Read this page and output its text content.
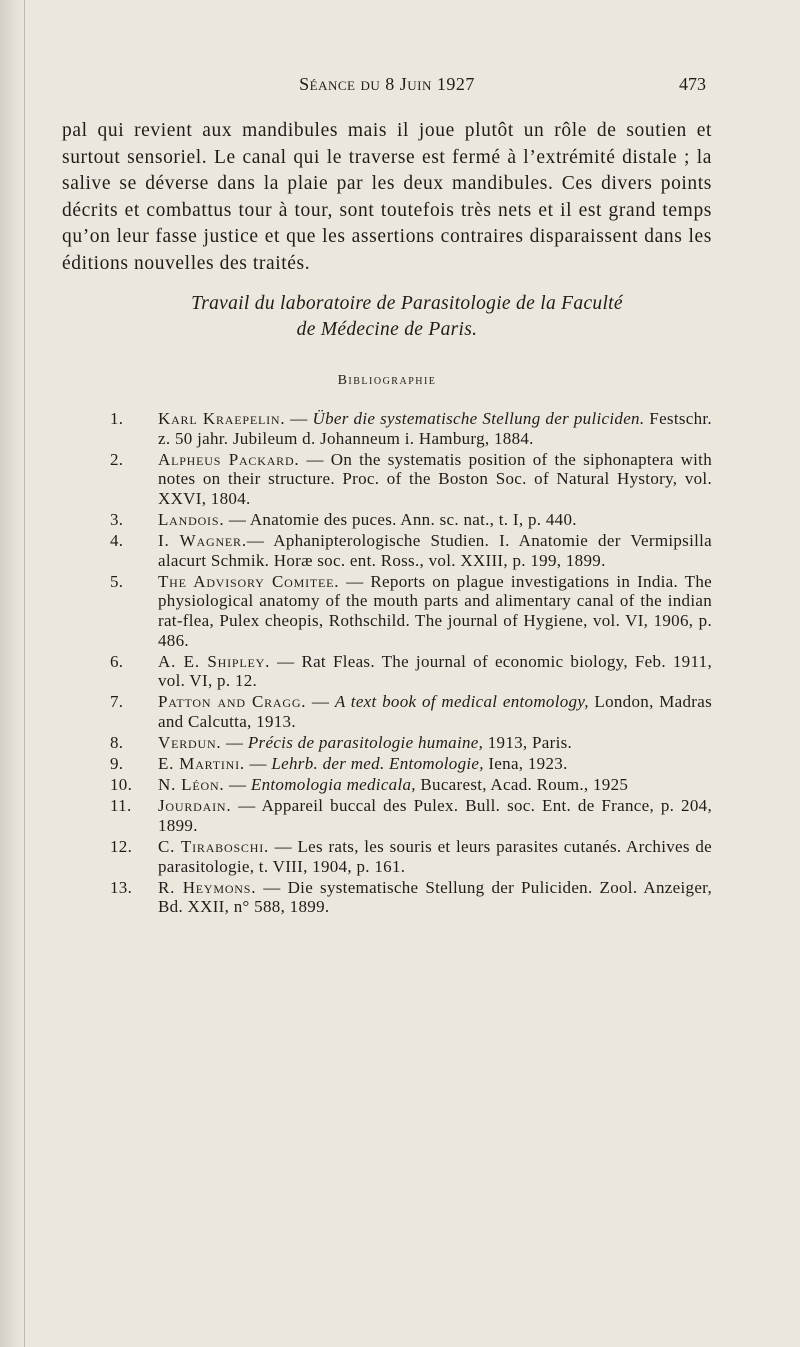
Séance du 8 Juin 1927	473

pal qui revient aux mandibules mais il joue plutôt un rôle de soutien et surtout sensoriel. Le canal qui le traverse est fermé à l’extrémité distale ; la salive se déverse dans la plaie par les deux mandibules. Ces divers points décrits et combattus tour à tour, sont toutefois très nets et il est grand temps qu’on leur fasse justice et que les assertions contraires disparaissent dans les éditions nouvelles des traités.

Travail du laboratoire de Parasitologie de la Faculté
de Médecine de Paris.
Bibliographie
1. Karl Kraepelin. — Über die systematische Stellung der puliciden. Festschr. z. 50 jahr. Jubileum d. Johanneum i. Hamburg, 1884.
2. Alpheus Packard. — On the systematis position of the siphonaptera with notes on their structure. Proc. of the Boston Soc. of Natural Hystory, vol. XXVI, 1804.
3. Landois. — Anatomie des puces. Ann. sc. nat., t. I, p. 440.
4. I. Wagner.— Aphanipterologische Studien. I. Anatomie der Vermipsilla alacurt Schmik. Horæ soc. ent. Ross., vol. XXIII, p. 199, 1899.
5. The Advisory Comitee. — Reports on plague investigations in India. The physiological anatomy of the mouth parts and alimentary canal of the indian rat-flea, Pulex cheopis, Rothschild. The journal of Hygiene, vol. VI, 1906, p. 486.
6. A. E. Shipley. — Rat Fleas. The journal of economic biology, Feb. 1911, vol. VI, p. 12.
7. Patton and Cragg. — A text book of medical entomology, London, Madras and Calcutta, 1913.
8. Verdun. — Précis de parasitologie humaine, 1913, Paris.
9. E. Martini. — Lehrb. der med. Entomologie, Iena, 1923.
10. N. Léon. — Entomologia medicala, Bucarest, Acad. Roum., 1925
11. Jourdain. — Appareil buccal des Pulex. Bull. soc. Ent. de France, p. 204, 1899.
12. C. Tiraboschi. — Les rats, les souris et leurs parasites cutanés. Archives de parasitologie, t. VIII, 1904, p. 161.
13. R. Heymons. — Die systematische Stellung der Puliciden. Zool. Anzeiger, Bd. XXII, n° 588, 1899.
